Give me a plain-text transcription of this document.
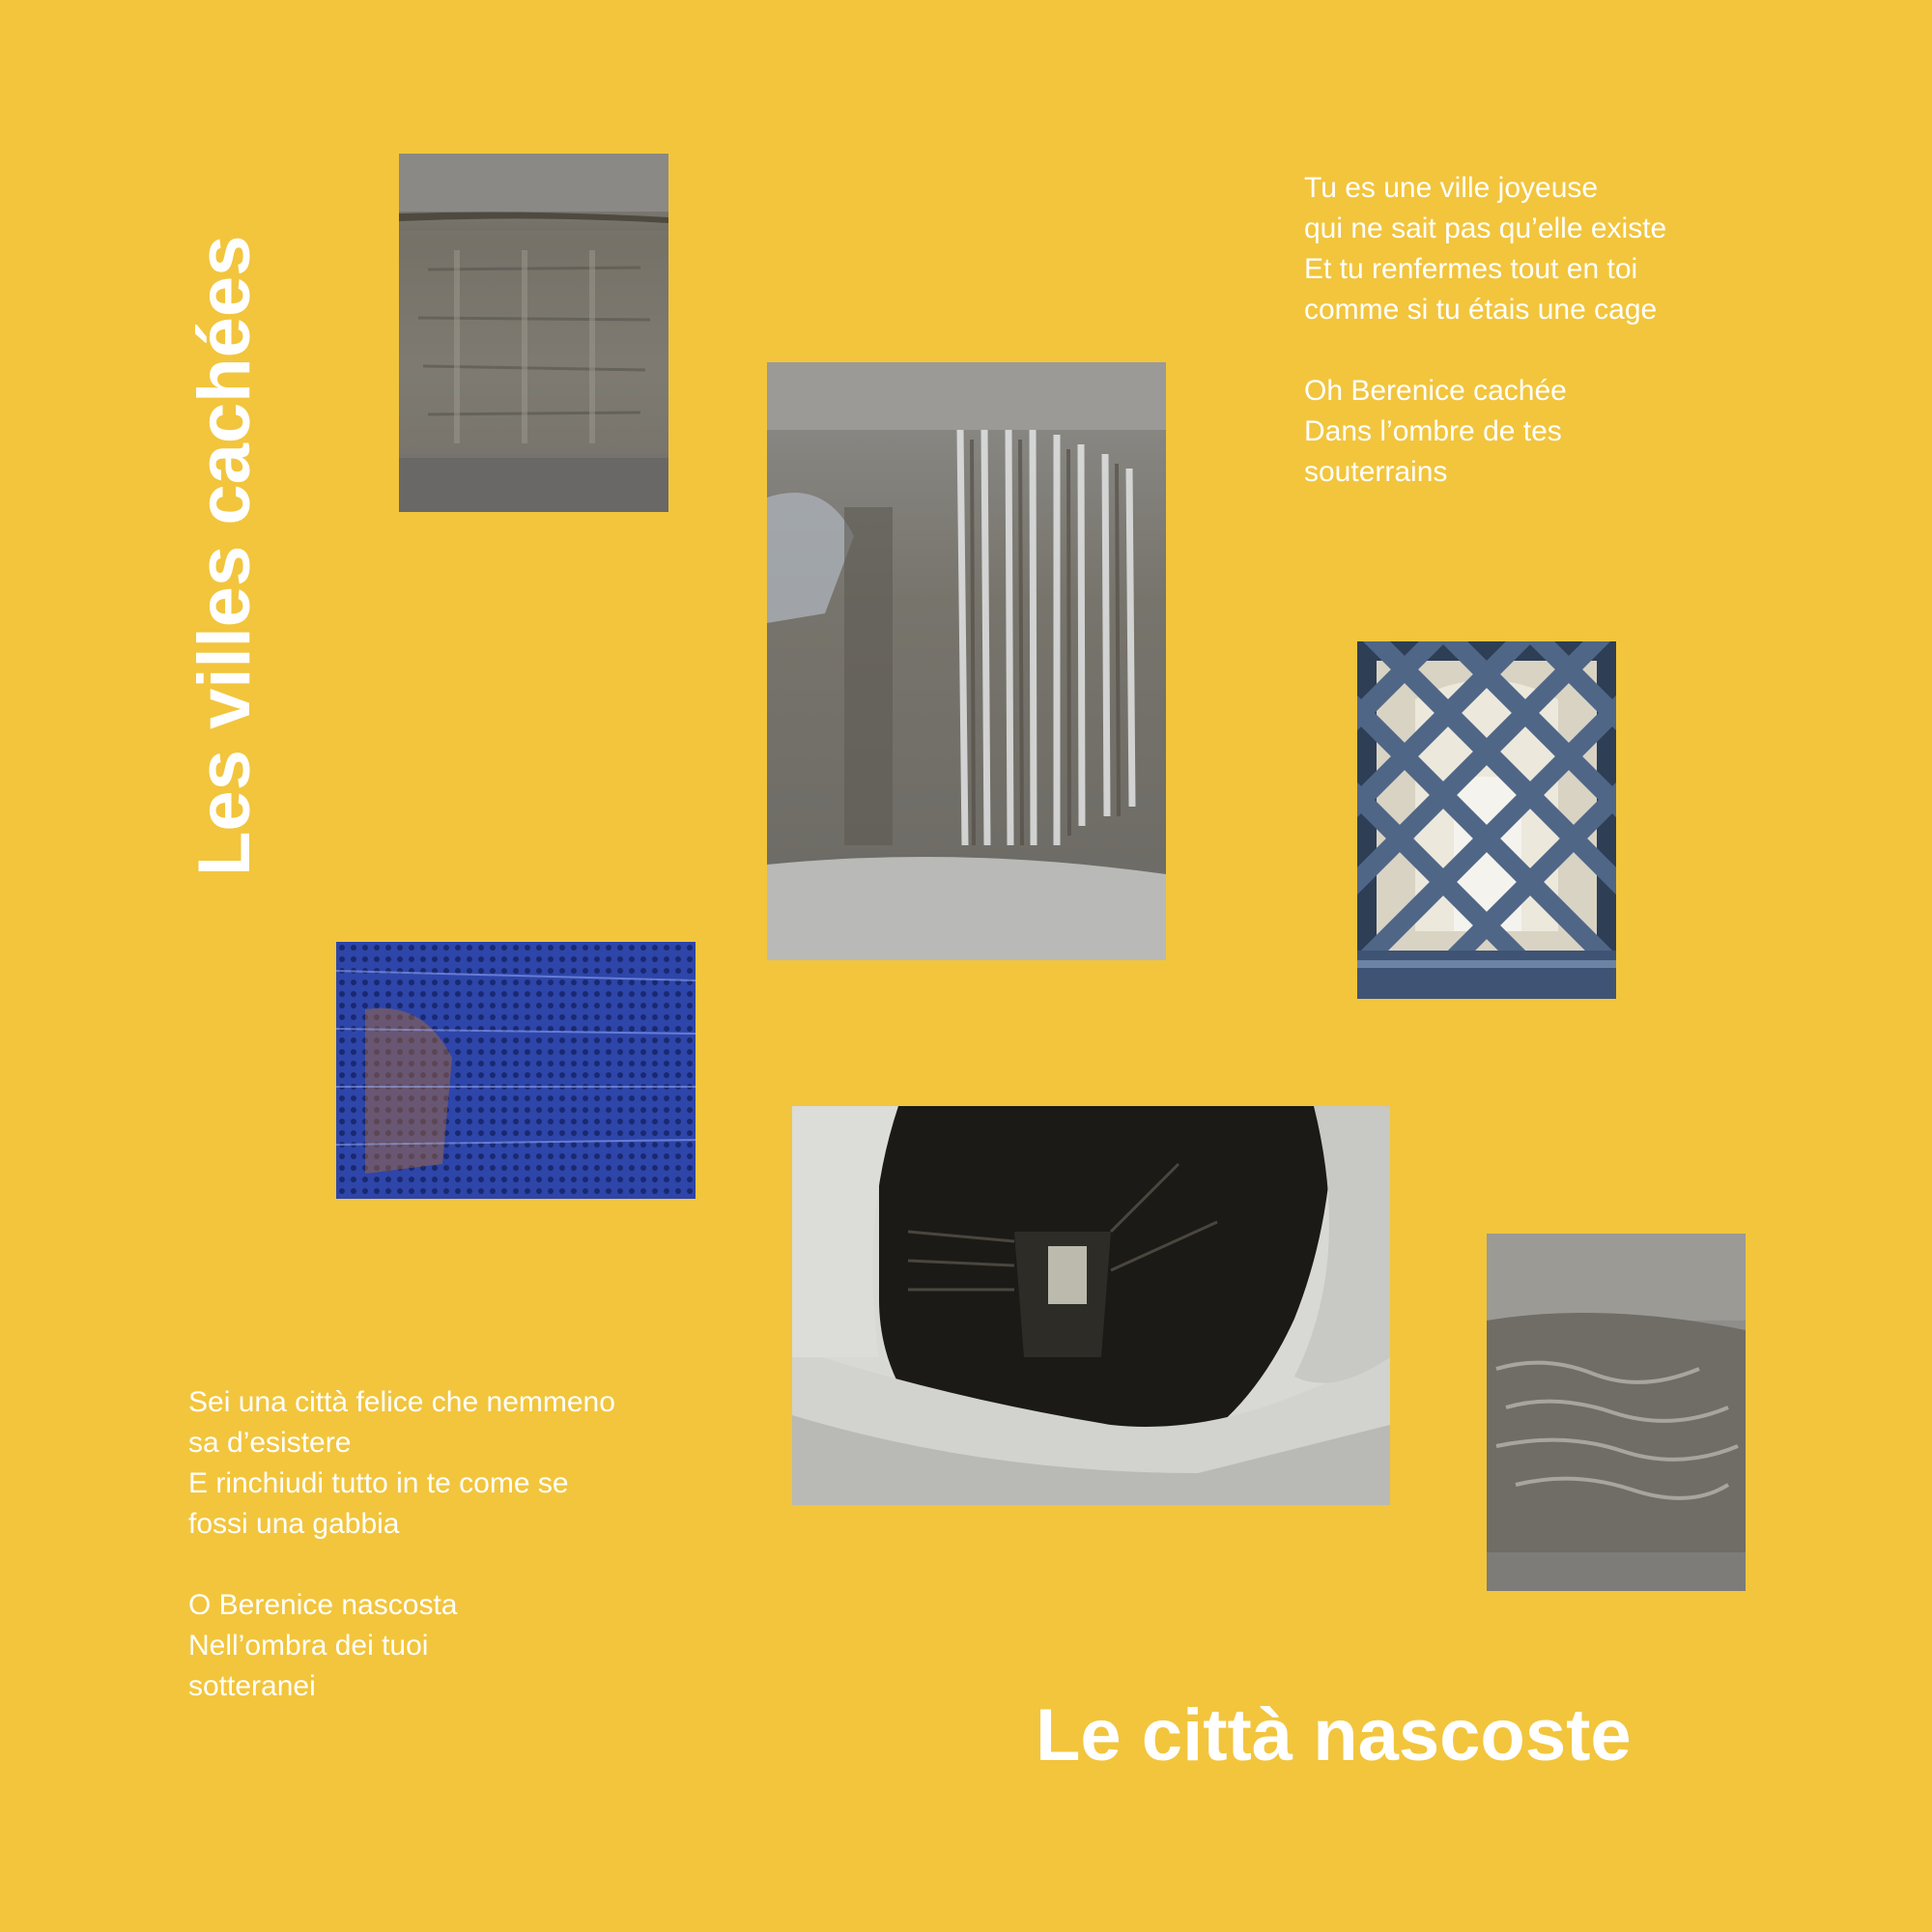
Les villes cachées
Tu es une ville joyeuse
qui ne sait pas qu’elle existe
Et tu renfermes tout en toi
comme si tu étais une cage
Oh Berenice cachée
Dans l’ombre de tes
souterrains
Sei una città felice che nemmeno
sa d’esistere
E rinchiudi tutto in te come se
fossi una gabbia
O Berenice nascosta
Nell’ombra dei tuoi
sotteranei
Le città nascoste
